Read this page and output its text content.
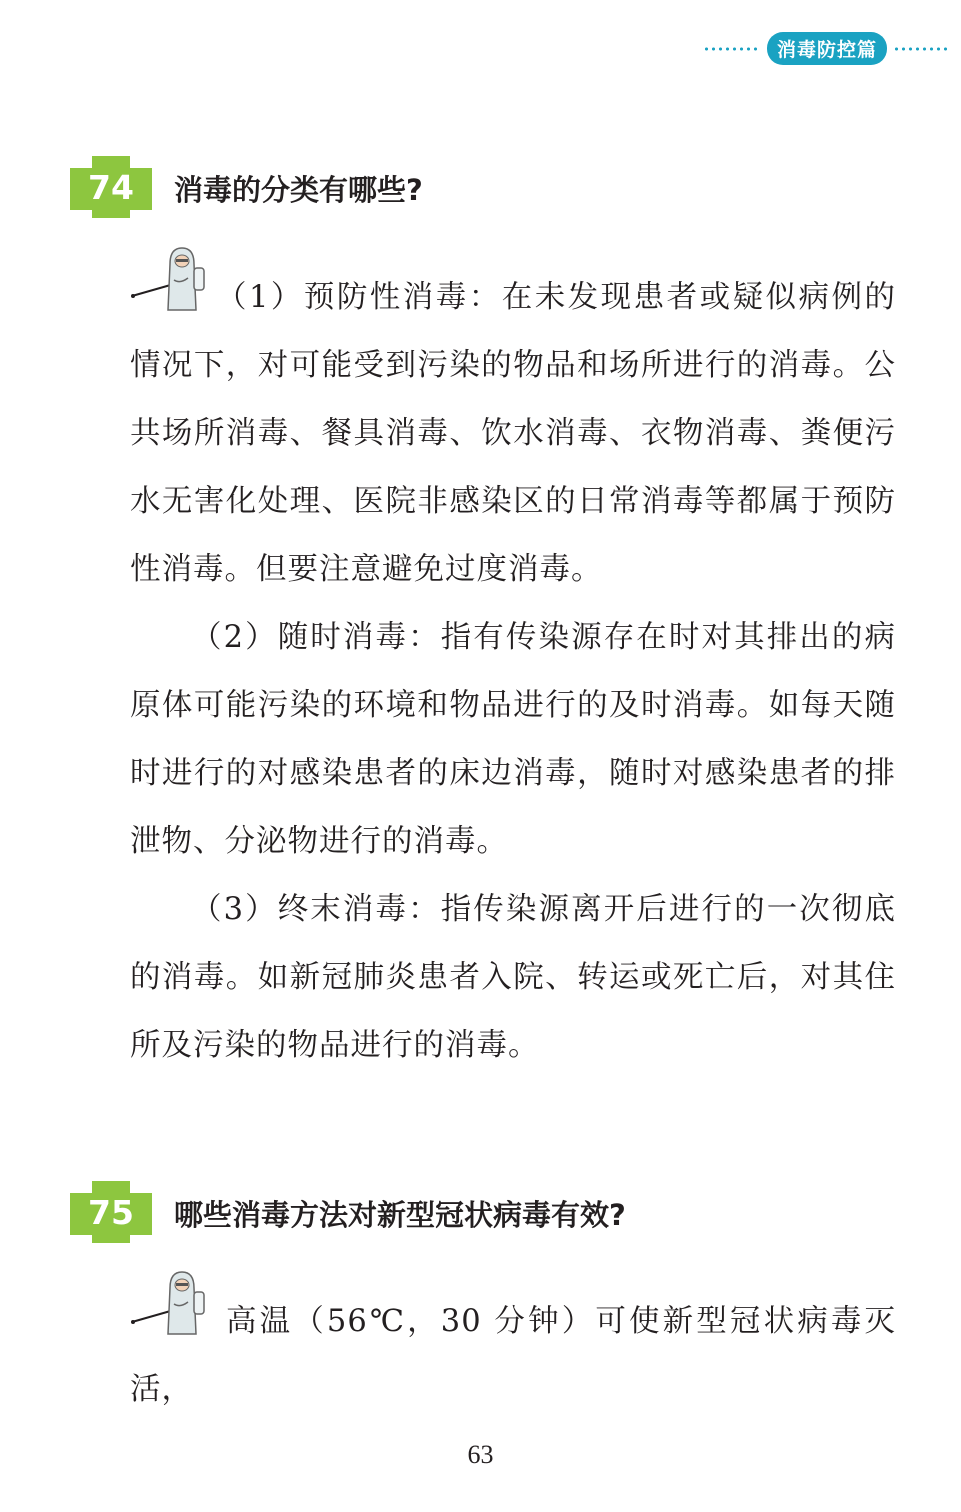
消毒防控篇
74	消毒的分类有哪些?

（1）预防性消毒：在未发现患者或疑似病例的情况下，对可能受到污染的物品和场所进行的消毒。公共场所消毒、餐具消毒、饮水消毒、衣物消毒、粪便污水无害化处理、医院非感染区的日常消毒等都属于预防性消毒。但要注意避免过度消毒。

（2）随时消毒：指有传染源存在时对其排出的病原体可能污染的环境和物品进行的及时消毒。如每天随时进行的对感染患者的床边消毒，随时对感染患者的排泄物、分泌物进行的消毒。

（3）终末消毒：指传染源离开后进行的一次彻底的消毒。如新冠肺炎患者入院、转运或死亡后，对其住所及污染的物品进行的消毒。

75	哪些消毒方法对新型冠状病毒有效?

高温（56℃，30 分钟）可使新型冠状病毒灭活，

63
